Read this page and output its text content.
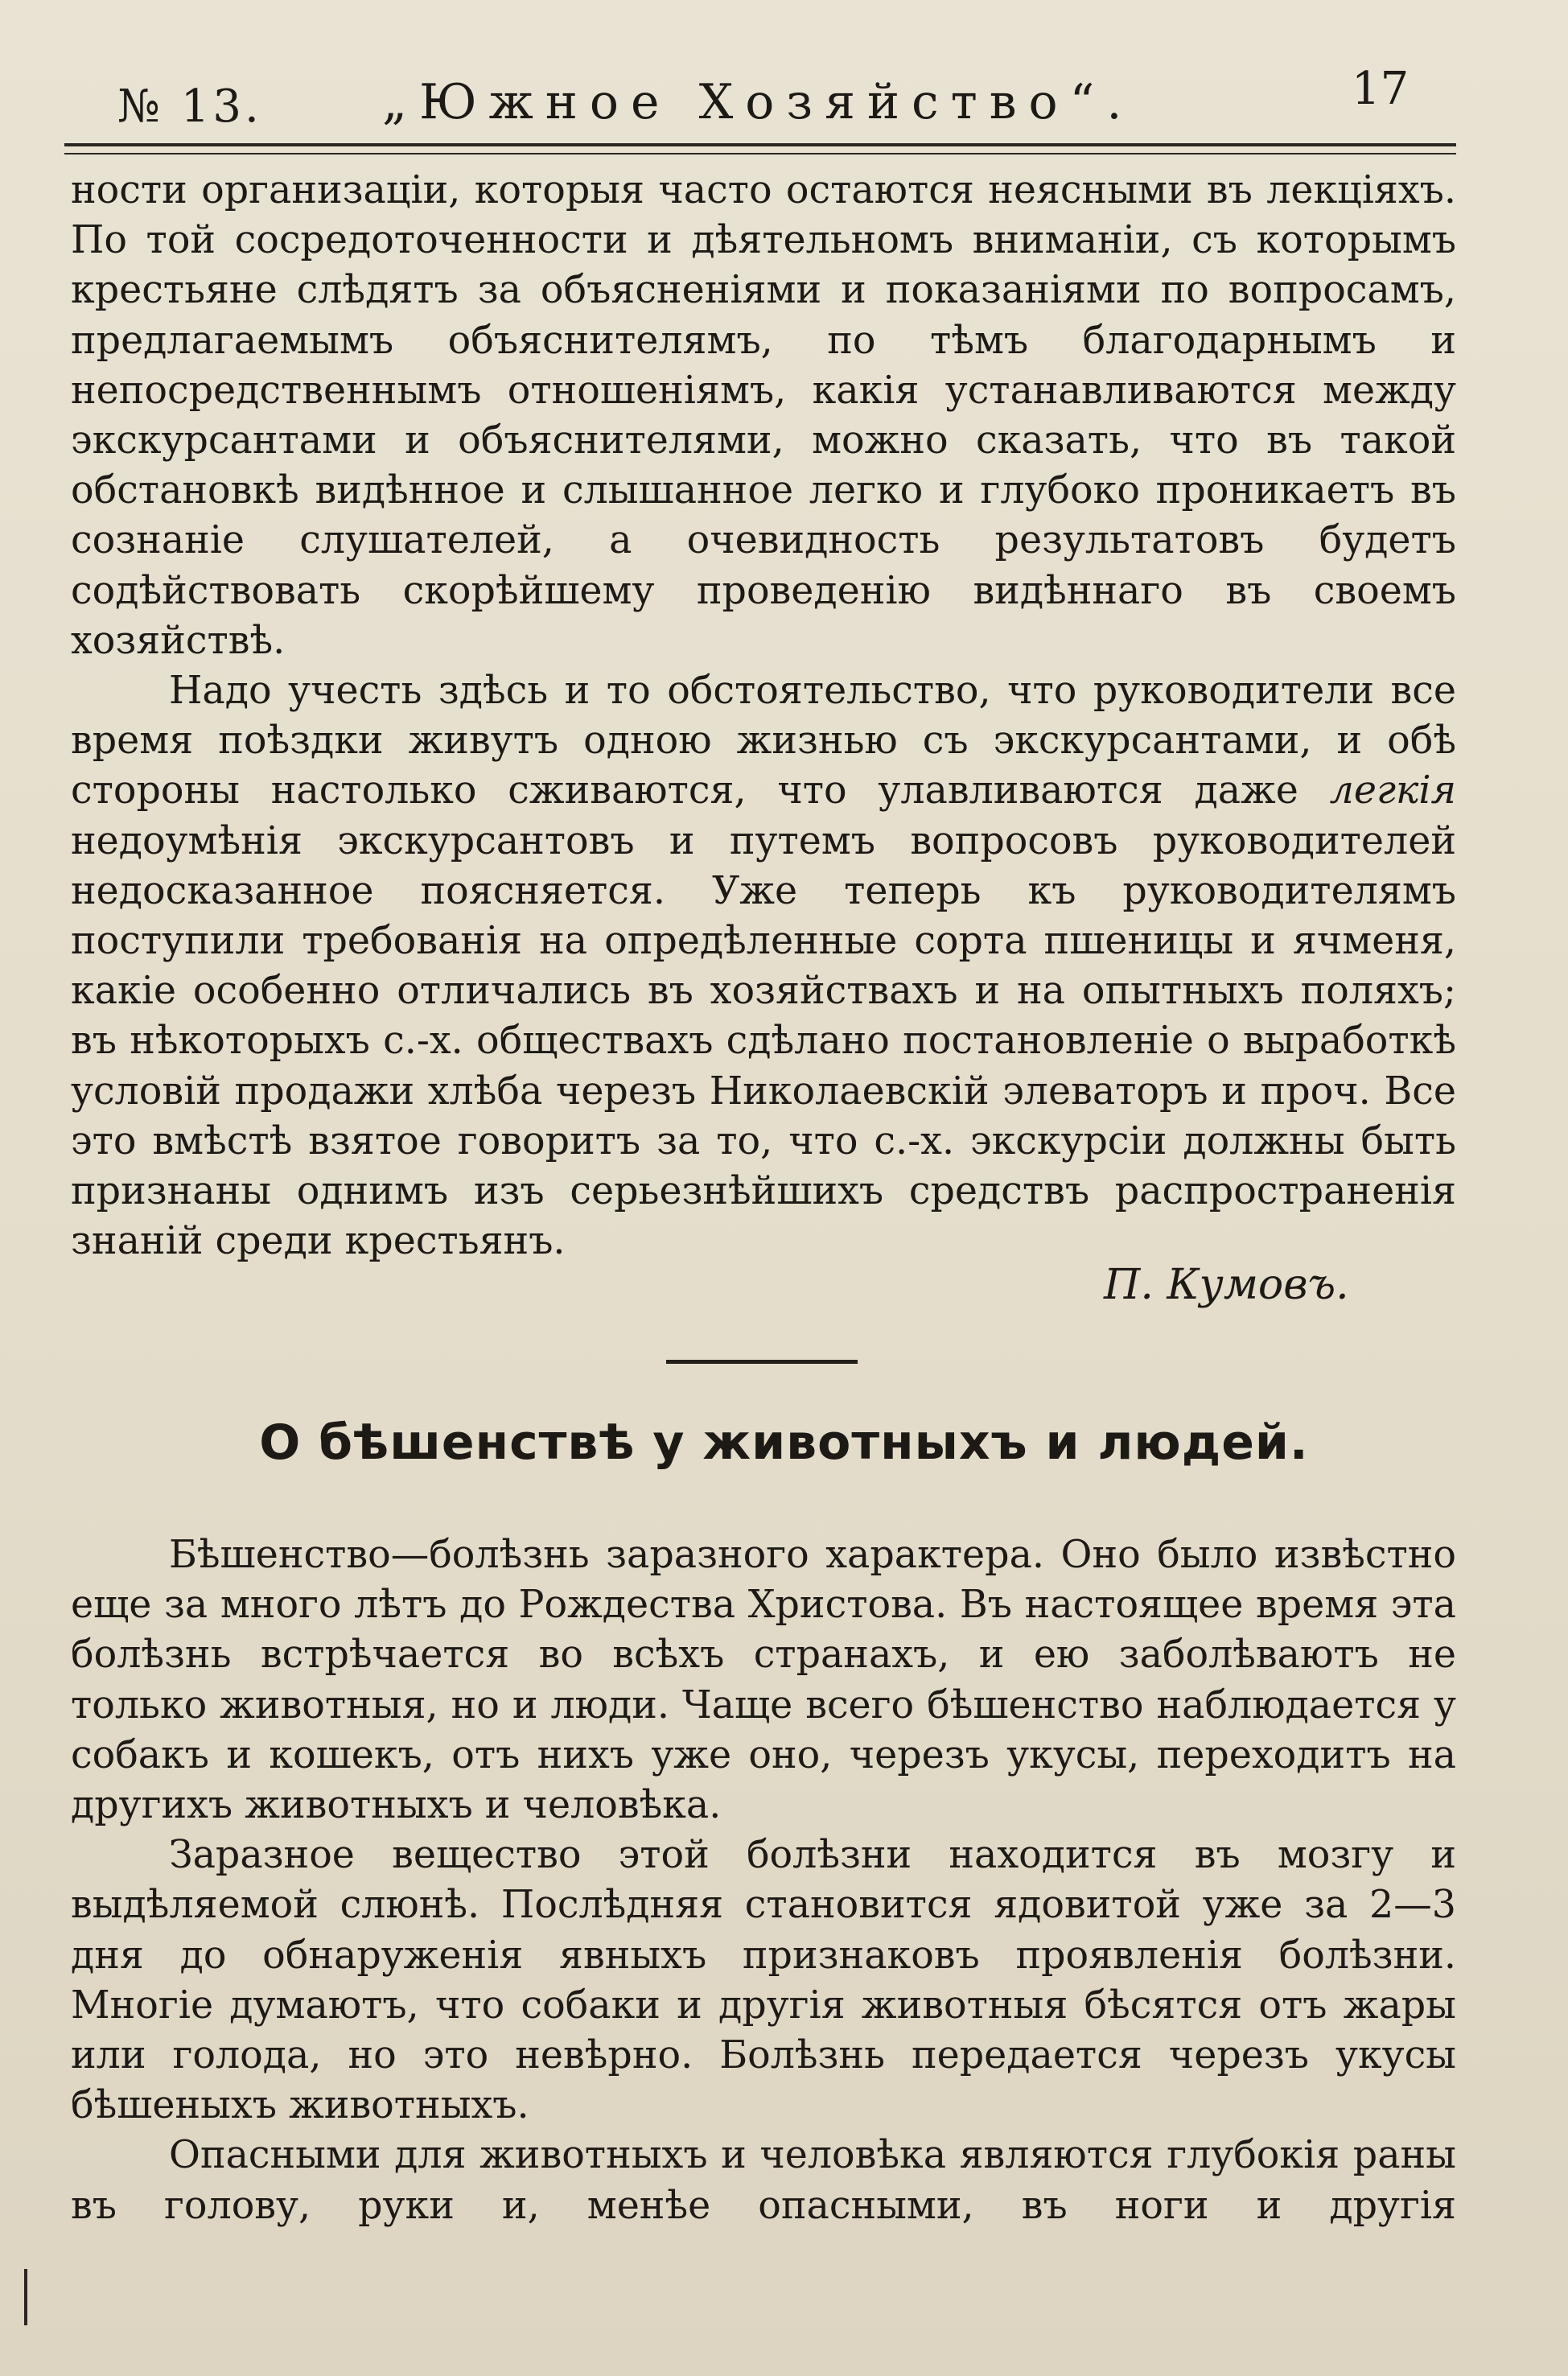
№ 13. „Южное Хозяйство“.	17

ности организаціи, которыя часто остаются неясными въ лекціяхъ. По той сосредоточенности и дѣятельномъ вниманіи, съ которымъ крестьяне слѣдятъ за объясненіями и показаніями по вопросамъ, предлагаемымъ объяснителямъ, по тѣмъ благодарнымъ и непосредственнымъ отношеніямъ, какія устанавливаются между экскурсантами и объяснителями, можно сказать, что въ такой обстановкѣ видѣнное и слышанное легко и глубоко проникаетъ въ сознаніе слушателей, а очевидность результатовъ будетъ содѣйствовать скорѣйшему проведенію видѣннаго въ своемъ хозяйствѣ.

Надо учесть здѣсь и то обстоятельство, что руководители все время поѣздки живутъ одною жизнью съ экскурсантами, и обѣ стороны настолько сживаются, что улавливаются даже легкія недоумѣнія экскурсантовъ и путемъ вопросовъ руководителей недосказанное поясняется. Уже теперь къ руководителямъ поступили требованія на опредѣленные сорта пшеницы и ячменя, какіе особенно отличались въ хозяйствахъ и на опытныхъ поляхъ; въ нѣкоторыхъ с.-х. обществахъ сдѣлано постановленіе о выработкѣ условій продажи хлѣба черезъ Николаевскій элеваторъ и проч. Все это вмѣстѣ взятое говоритъ за то, что с.-х. экскурсіи должны быть признаны однимъ изъ серьезнѣйшихъ средствъ распространенія знаній среди крестьянъ.

П. Кумовъ.
О бѣшенствѣ у животныхъ и людей.

Бѣшенство—болѣзнь заразного характера. Оно было извѣстно еще за много лѣтъ до Рождества Христова. Въ настоящее время эта болѣзнь встрѣчается во всѣхъ странахъ, и ею заболѣваютъ не только животныя, но и люди. Чаще всего бѣшенство наблюдается у собакъ и кошекъ, отъ нихъ уже оно, черезъ укусы, переходитъ на другихъ животныхъ и человѣка.

Заразное вещество этой болѣзни находится въ мозгу и выдѣляемой слюнѣ. Послѣдняя становится ядовитой уже за 2—3 дня до обнаруженія явныхъ признаковъ проявленія болѣзни. Многіе думаютъ, что собаки и другія животныя бѣсятся отъ жары или голода, но это невѣрно. Болѣзнь передается черезъ укусы бѣшеныхъ животныхъ.

Опасными для животныхъ и человѣка являются глубокія раны въ голову, руки и, менѣе опасными, въ ноги и другія
